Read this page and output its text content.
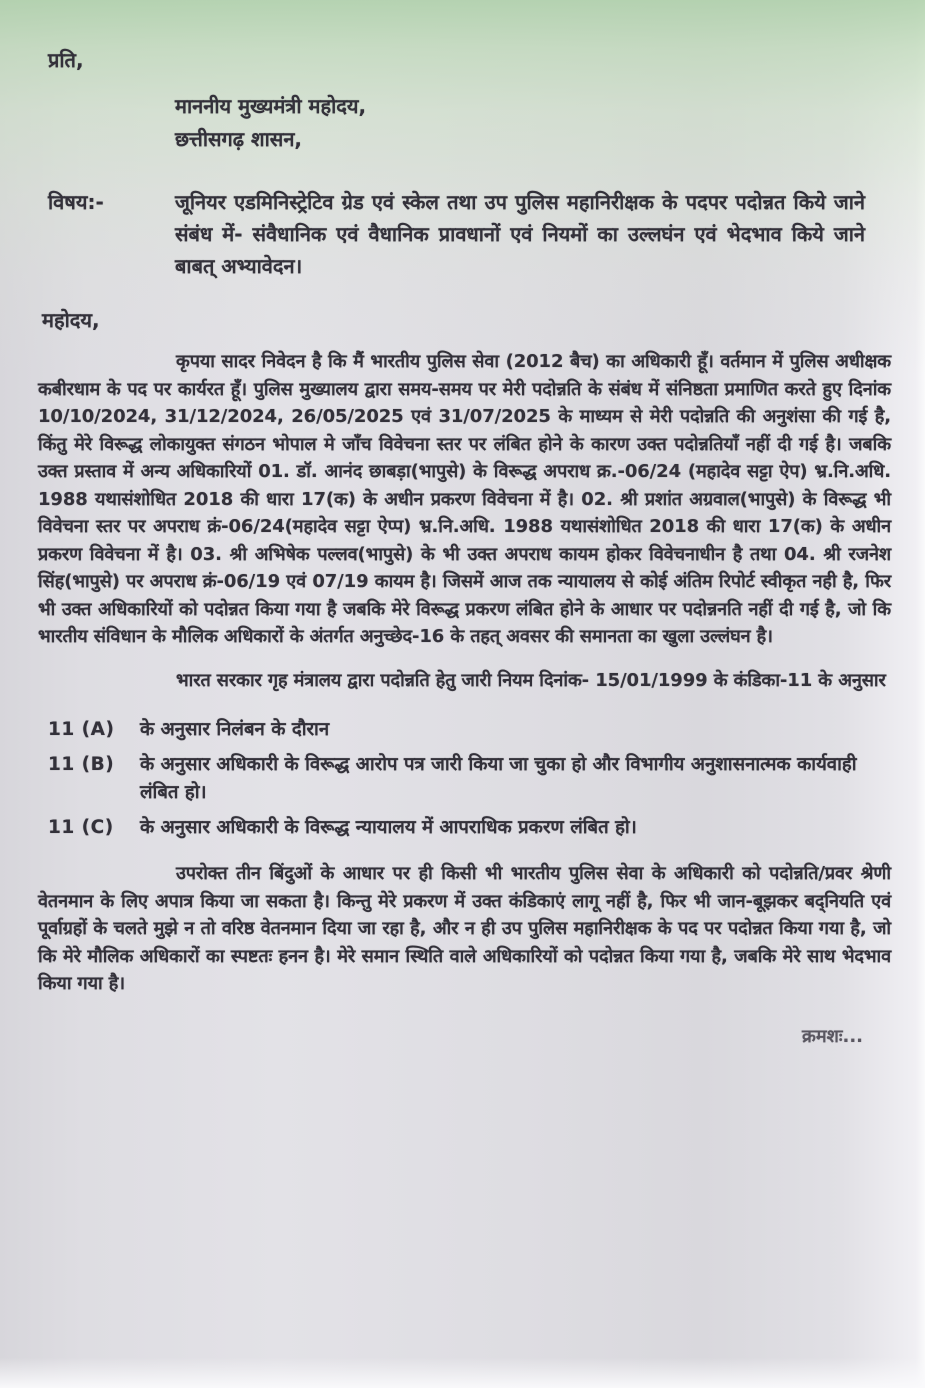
प्रति,
माननीय मुख्यमंत्री महोदय,
छत्तीसगढ़ शासन,
विषय:-	जूनियर एडमिनिस्ट्रेटिव ग्रेड एवं स्केल तथा उप पुलिस महानिरीक्षक के पदपर पदोन्नत किये जाने संबंध में- संवैधानिक एवं वैधानिक प्रावधानों एवं नियमों का उल्लघंन एवं भेदभाव किये जाने बाबत् अभ्यावेदन।
महोदय,
कृपया सादर निवेदन है कि मैं भारतीय पुलिस सेवा (2012 बैच) का अधिकारी हूँ। वर्तमान में पुलिस अधीक्षक कबीरधाम के पद पर कार्यरत हूँ। पुलिस मुख्यालय द्वारा समय-समय पर मेरी पदोन्नति के संबंध में संनिष्ठता प्रमाणित करते हुए दिनांक 10/10/2024, 31/12/2024, 26/05/2025 एवं 31/07/2025 के माध्यम से मेरी पदोन्नति की अनुशंसा की गई है, किंतु मेरे विरूद्ध लोकायुक्त संगठन भोपाल मे जाँच विवेचना स्तर पर लंबित होने के कारण उक्त पदोन्नतियाँ नहीं दी गई है। जबकि उक्त प्रस्ताव में अन्य अधिकारियों 01. डॉ. आनंद छाबड़ा(भापुसे) के विरूद्ध अपराध क्र.-06/24 (महादेव सट्टा ऐप) भ्र.नि.अधि. 1988 यथासंशोधित 2018 की धारा 17(क) के अधीन प्रकरण विवेचना में है। 02. श्री प्रशांत अग्रवाल(भापुसे) के विरूद्ध भी विवेचना स्तर पर अपराध क्रं-06/24(महादेव सट्टा ऐप्प) भ्र.नि.अधि. 1988 यथासंशोधित 2018 की धारा 17(क) के अधीन प्रकरण विवेचना में है। 03. श्री अभिषेक पल्लव(भापुसे) के भी उक्त अपराध कायम होकर विवेचनाधीन है तथा 04. श्री रजनेश सिंह(भापुसे) पर अपराध क्रं-06/19 एवं 07/19 कायम है। जिसमें आज तक न्यायालय से कोई अंतिम रिपोर्ट स्वीकृत नही है, फिर भी उक्त अधिकारियों को पदोन्नत किया गया है जबकि मेरे विरूद्ध प्रकरण लंबित होने के आधार पर पदोन्ननति नहीं दी गई है, जो कि भारतीय संविधान के मौलिक अधिकारों के अंतर्गत अनुच्छेद-16 के तहत् अवसर की समानता का खुला उल्लंघन है।
भारत सरकार गृह मंत्रालय द्वारा पदोन्नति हेतु जारी नियम दिनांक- 15/01/1999 के कंडिका-11 के अनुसार
11 (A)	के अनुसार निलंबन के दौरान
11 (B)	के अनुसार अधिकारी के विरूद्ध आरोप पत्र जारी किया जा चुका हो और विभागीय अनुशासनात्मक कार्यवाही लंबित हो।
11 (C)	के अनुसार अधिकारी के विरूद्ध न्यायालय में आपराधिक प्रकरण लंबित हो।
उपरोक्त तीन बिंदुओं के आधार पर ही किसी भी भारतीय पुलिस सेवा के अधिकारी को पदोन्नति/प्रवर श्रेणी वेतनमान के लिए अपात्र किया जा सकता है। किन्तु मेरे प्रकरण में उक्त कंडिकाएं लागू नहीं है, फिर भी जान-बूझकर बद्नियति एवं पूर्वाग्रहों के चलते मुझे न तो वरिष्ठ वेतनमान दिया जा रहा है, और न ही उप पुलिस महानिरीक्षक के पद पर पदोन्नत किया गया है, जो कि मेरे मौलिक अधिकारों का स्पष्टतः हनन है। मेरे समान स्थिति वाले अधिकारियों को पदोन्नत किया गया है, जबकि मेरे साथ भेदभाव किया गया है।
क्रमशः...
